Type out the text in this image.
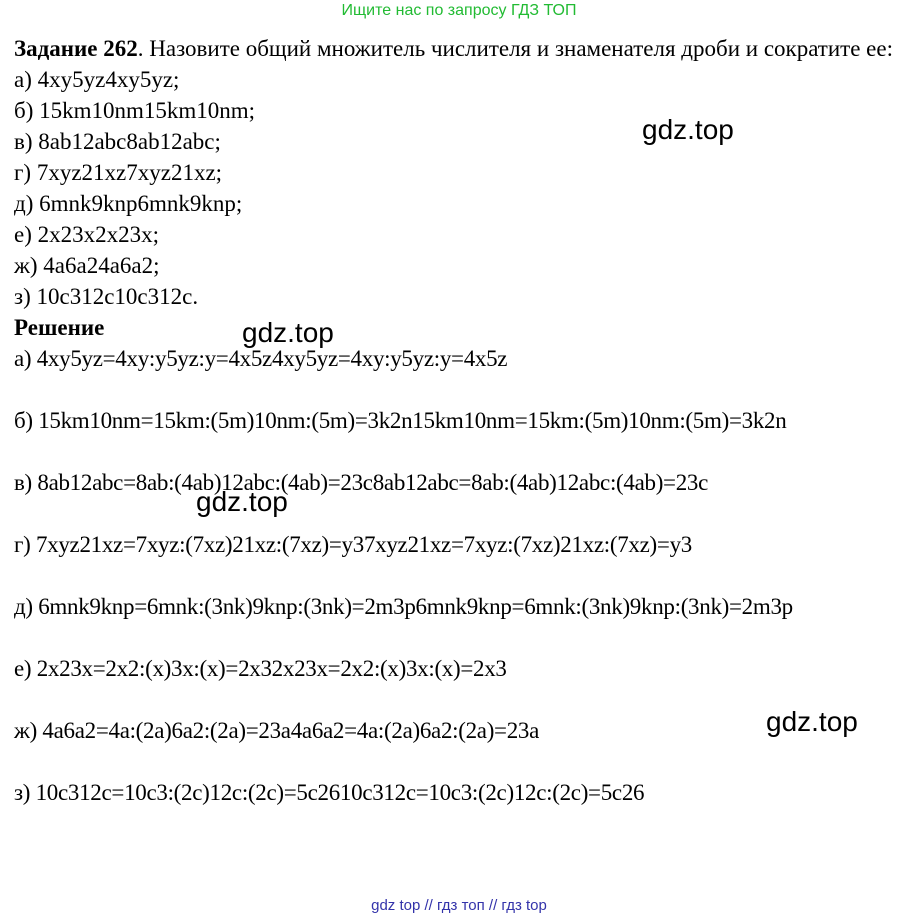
Ищите нас по запросу ГДЗ ТОП
Задание 262. Назовите общий множитель числителя и знаменателя дроби и сократите ее:
а) 4xy5yz4xy5yz;
б) 15km10nm15km10nm;
в) 8ab12abc8ab12abc;
г) 7xyz21xz7xyz21xz;
д) 6mnk9knp6mnk9knp;
е) 2x23x2x23x;
ж) 4a6a24a6a2;
з) 10c312c10c312c.
Решение
а) 4xy5yz=4xy:y5yz:y=4x5z4xy5yz=4xy:y5yz:y=4x5z
б) 15km10nm=15km:(5m)10nm:(5m)=3k2n15km10nm=15km:(5m)10nm:(5m)=3k2n
в) 8ab12abc=8ab:(4ab)12abc:(4ab)=23c8ab12abc=8ab:(4ab)12abc:(4ab)=23c
г) 7xyz21xz=7xyz:(7xz)21xz:(7xz)=y37xyz21xz=7xyz:(7xz)21xz:(7xz)=y3
д) 6mnk9knp=6mnk:(3nk)9knp:(3nk)=2m3p6mnk9knp=6mnk:(3nk)9knp:(3nk)=2m3p
е) 2x23x=2x2:(x)3x:(x)=2x32x23x=2x2:(x)3x:(x)=2x3
ж) 4a6a2=4a:(2a)6a2:(2a)=23a4a6a2=4a:(2a)6a2:(2a)=23a
з) 10c312c=10c3:(2c)12c:(2c)=5c2610c312c=10c3:(2c)12c:(2c)=5c26
gdz.top
gdz.top
gdz.top
gdz.top
gdz top // гдз топ // гдз top
